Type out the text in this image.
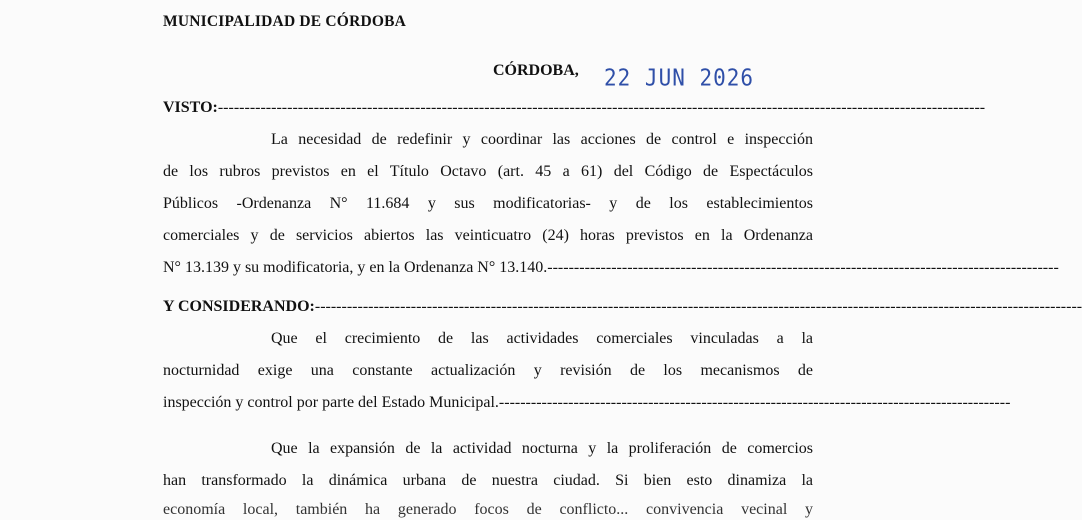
MUNICIPALIDAD DE CÓRDOBA
CÓRDOBA, 22 JUN 2026
VISTO: ------------------------------------------------------------------------------------------------------------------------------------------------
La necesidad de redefinir y coordinar las acciones de control e inspección
de los rubros previstos en el Título Octavo (art. 45 a 61) del Código de Espectáculos
Públicos -Ordenanza N° 11.684 y sus modificatorias- y de los establecimientos
comerciales y de servicios abiertos las veinticuatro (24) horas previstos en la Ordenanza
N° 13.139 y su modificatoria, y en la Ordenanza N° 13.140. ------------------------------------------------------------------------------------------------
Y CONSIDERANDO: ------------------------------------------------------------------------------------------------------------------------------------------------
Que el crecimiento de las actividades comerciales vinculadas a la
nocturnidad exige una constante actualización y revisión de los mecanismos de
inspección y control por parte del Estado Municipal. ------------------------------------------------------------------------------------------------
Que la expansión de la actividad nocturna y la proliferación de comercios
han transformado la dinámica urbana de nuestra ciudad. Si bien esto dinamiza la
economía local, también ha generado focos de conflicto... convivencia vecinal y
